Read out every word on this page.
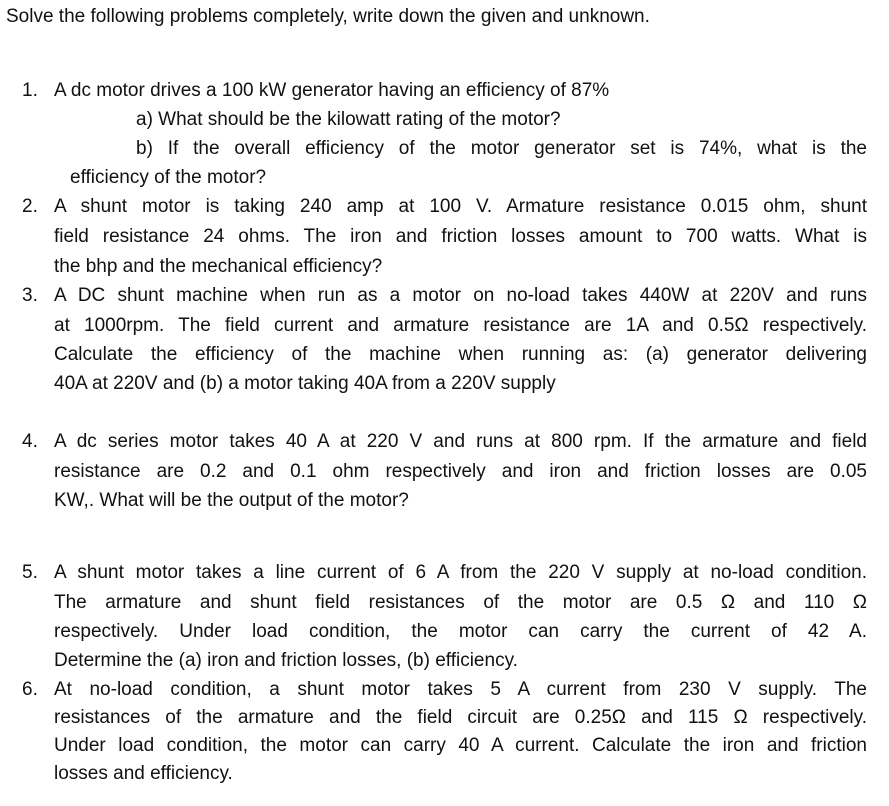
Solve the following problems completely, write down the given and unknown.
1. A dc motor drives a 100 kW generator having an efficiency of 87%
a) What should be the kilowatt rating of the motor?
b) If the overall efficiency of the motor generator set is 74%, what is the
efficiency of the motor?
2. A shunt motor is taking 240 amp at 100 V. Armature resistance 0.015 ohm, shunt
field resistance 24 ohms. The iron and friction losses amount to 700 watts. What is
the bhp and the mechanical efficiency?
3. A DC shunt machine when run as a motor on no-load takes 440W at 220V and runs
at 1000rpm. The field current and armature resistance are 1A and 0.5Ω respectively.
Calculate the efficiency of the machine when running as: (a) generator delivering
40A at 220V and (b) a motor taking 40A from a 220V supply
4. A dc series motor takes 40 A at 220 V and runs at 800 rpm. If the armature and field
resistance are 0.2 and 0.1 ohm respectively and iron and friction losses are 0.05
KW,. What will be the output of the motor?
5. A shunt motor takes a line current of 6 A from the 220 V supply at no-load condition.
The armature and shunt field resistances of the motor are 0.5 Ω and 110 Ω
respectively. Under load condition, the motor can carry the current of 42 A.
Determine the (a) iron and friction losses, (b) efficiency.
6. At no-load condition, a shunt motor takes 5 A current from 230 V supply. The
resistances of the armature and the field circuit are 0.25Ω and 115 Ω respectively.
Under load condition, the motor can carry 40 A current. Calculate the iron and friction
losses and efficiency.
